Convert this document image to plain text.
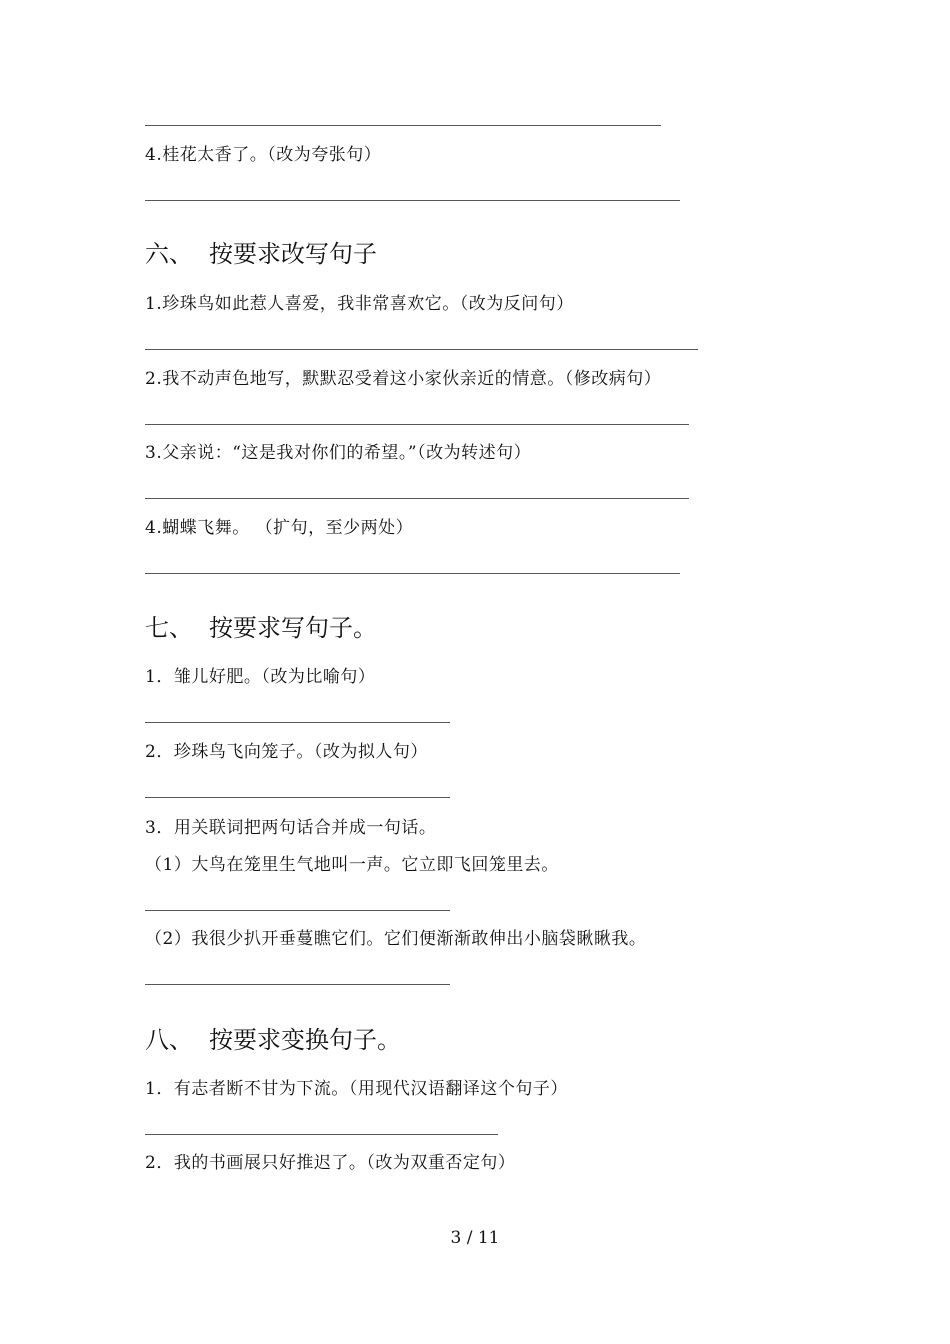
4.桂花太香了。（改为夸张句）
六、 按要求改写句子
1.珍珠鸟如此惹人喜爱，我非常喜欢它。（改为反问句）
2.我不动声色地写，默默忍受着这小家伙亲近的情意。（修改病句）
3.父亲说：“这是我对你们的希望。”（改为转述句）
4.蝴蝶飞舞。 （扩句，至少两处）
七、 按要求写句子。
1．雏儿好肥。（改为比喻句）
2．珍珠鸟飞向笼子。（改为拟人句）
3．用关联词把两句话合并成一句话。
（1）大鸟在笼里生气地叫一声。它立即飞回笼里去。
（2）我很少扒开垂蔓瞧它们。它们便渐渐敢伸出小脑袋瞅瞅我。
八、 按要求变换句子。
1．有志者断不甘为下流。（用现代汉语翻译这个句子）
2．我的书画展只好推迟了。（改为双重否定句）
3 / 11
